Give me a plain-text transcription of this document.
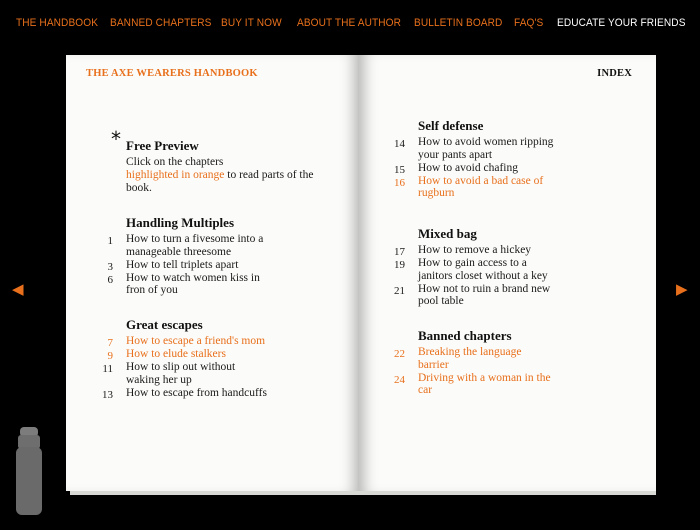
THE HANDBOOK BANNED CHAPTERS BUY IT NOW ABOUT THE AUTHOR BULLETIN BOARD FAQ'S EDUCATE YOUR FRIENDS
◀	▶
THE AXE WEARERS HANDBOOK
* Free Preview
Click on the chapters
highlighted in orange to read parts of the book.
Handling Multiples
1 How to turn a fivesome into a
manageable threesome
3 How to tell triplets apart
6 How to watch women kiss in
fron of you
Great escapes
7 How to escape a friend's mom
9 How to elude stalkers
11 How to slip out without
waking her up
13 How to escape from handcuffs
INDEX
Self defense
14 How to avoid women ripping
your pants apart
15 How to avoid chafing
16 How to avoid a bad case of
rugburn
Mixed bag
17 How to remove a hickey
19 How to gain access to a
janitors closet without a key
21 How not to ruin a brand new
pool table
Banned chapters
22 Breaking the language
barrier
24 Driving with a woman in the
car
